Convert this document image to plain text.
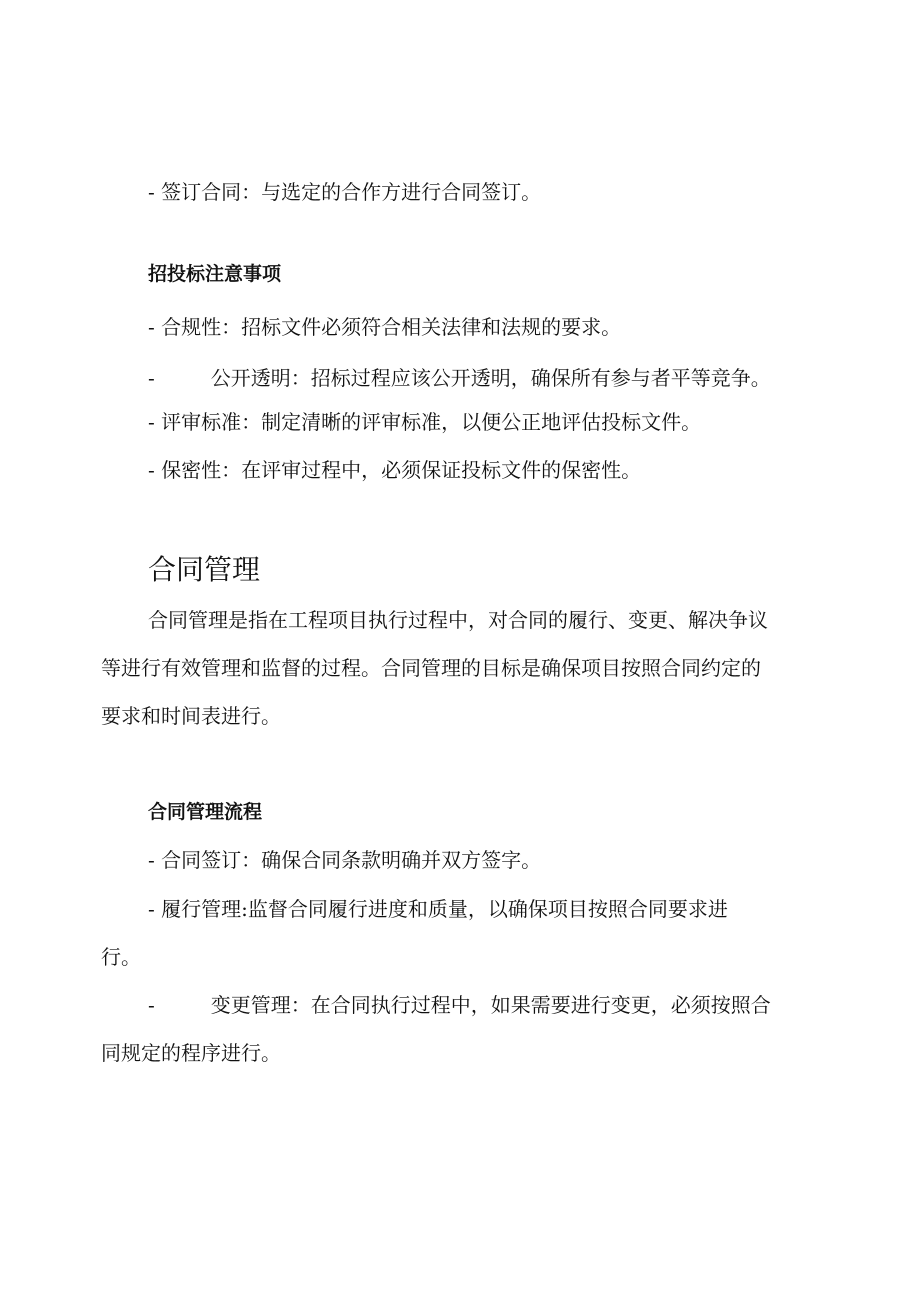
- 签订合同：与选定的合作方进行合同签订。

招投标注意事项

- 合规性：招标文件必须符合相关法律和法规的要求。

-	公开透明：招标过程应该公开透明，确保所有参与者平等竞争。

- 评审标准：制定清晰的评审标准，以便公正地评估投标文件。

- 保密性：在评审过程中，必须保证投标文件的保密性。

合同管理

合同管理是指在工程项目执行过程中，对合同的履行、变更、解决争议

等进行有效管理和监督的过程。合同管理的目标是确保项目按照合同约定的

要求和时间表进行。

合同管理流程

- 合同签订：确保合同条款明确并双方签字。

- 履行管理:监督合同履行进度和质量，以确保项目按照合同要求进

行。

-	变更管理：在合同执行过程中，如果需要进行变更，必须按照合

同规定的程序进行。
